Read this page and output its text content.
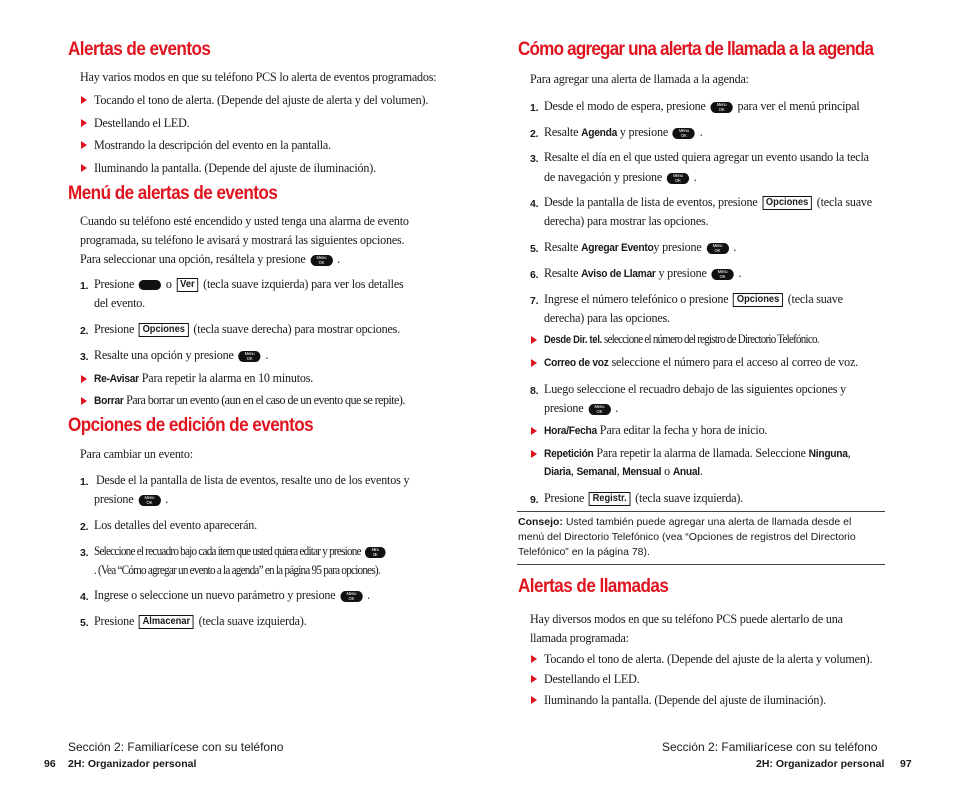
Alertas de eventos
Hay varios modos en que su teléfono PCS lo alerta de eventos programados:
Tocando el tono de alerta. (Depende del ajuste de alerta y del volumen).
Destellando el LED.
Mostrando la descripción del evento en la pantalla.
Iluminando la pantalla. (Depende del ajuste de iluminación).
Menú de alertas de eventos
Cuando su teléfono esté encendido y usted tenga una alarma de evento
programada, su teléfono le avisará y mostrará las siguientes opciones.
Para seleccionar una opción, resáltela y presione	Menu
OK .
1. Presione o Ver (tecla suave izquierda) para ver los detalles
del evento.
2. Presione Opciones (tecla suave derecha) para mostrar opciones.
3. Resalte una opción y presione	Menu
OK .
Re-Avisar Para repetir la alarma en 10 minutos.
Borrar Para borrar un evento (aun en el caso de un evento que se repite).
Opciones de edición de eventos
Para cambiar un evento:
1. Desde el la pantalla de lista de eventos, resalte uno de los eventos y
presione	Menu
OK .
2. Los detalles del evento aparecerán.
3. Seleccione el recuadro bajo cada ítem que usted quiera editar y presione	Menu
OK
. (Vea “Cómo agregar un evento a la agenda” en la página 95 para opciones).
4. Ingrese o seleccione un nuevo parámetro y presione	Menu
OK .
5. Presione Almacenar (tecla suave izquierda).
Sección 2: Familiarícese con su teléfono
96 2H: Organizador personal
Cómo agregar una alerta de llamada a la agenda
Para agregar una alerta de llamada a la agenda:
1. Desde el modo de espera, presione	Menu
OK	para ver el menú principal
2. Resalte Agenda y presione	Menu
OK .
3. Resalte el día en el que usted quiera agregar un evento usando la tecla
de navegación y presione	Menu
OK .
4. Desde la pantalla de lista de eventos, presione Opciones (tecla suave
derecha) para mostrar las opciones.
5. Resalte Agregar Eventoy presione	Menu
OK .
6. Resalte Aviso de Llamar y presione	Menu
OK .
7. Ingrese el número telefónico o presione Opciones (tecla suave
derecha) para las opciones.
Desde Dir. tel. seleccione el número del registro de Directorio Telefónico.
Correo de voz seleccione el número para el acceso al correo de voz.
8. Luego seleccione el recuadro debajo de las siguientes opciones y
presione	Menu
OK .
Hora/Fecha Para editar la fecha y hora de inicio.
Repetición Para repetir la alarma de llamada. Seleccione Ninguna,
Diaria, Semanal, Mensual o Anual.
9. Presione Registr. (tecla suave izquierda).
Consejo: Usted también puede agregar una alerta de llamada desde el
menú del Directorio Telefónico (vea “Opciones de registros del Directorio
Telefónico” en la página 78).
Alertas de llamadas
Hay diversos modos en que su teléfono PCS puede alertarlo de una
llamada programada:
Tocando el tono de alerta. (Depende del ajuste de la alerta y volumen).
Destellando el LED.
Iluminando la pantalla. (Depende del ajuste de iluminación).
Sección 2: Familiarícese con su teléfono
2H: Organizador personal 97
